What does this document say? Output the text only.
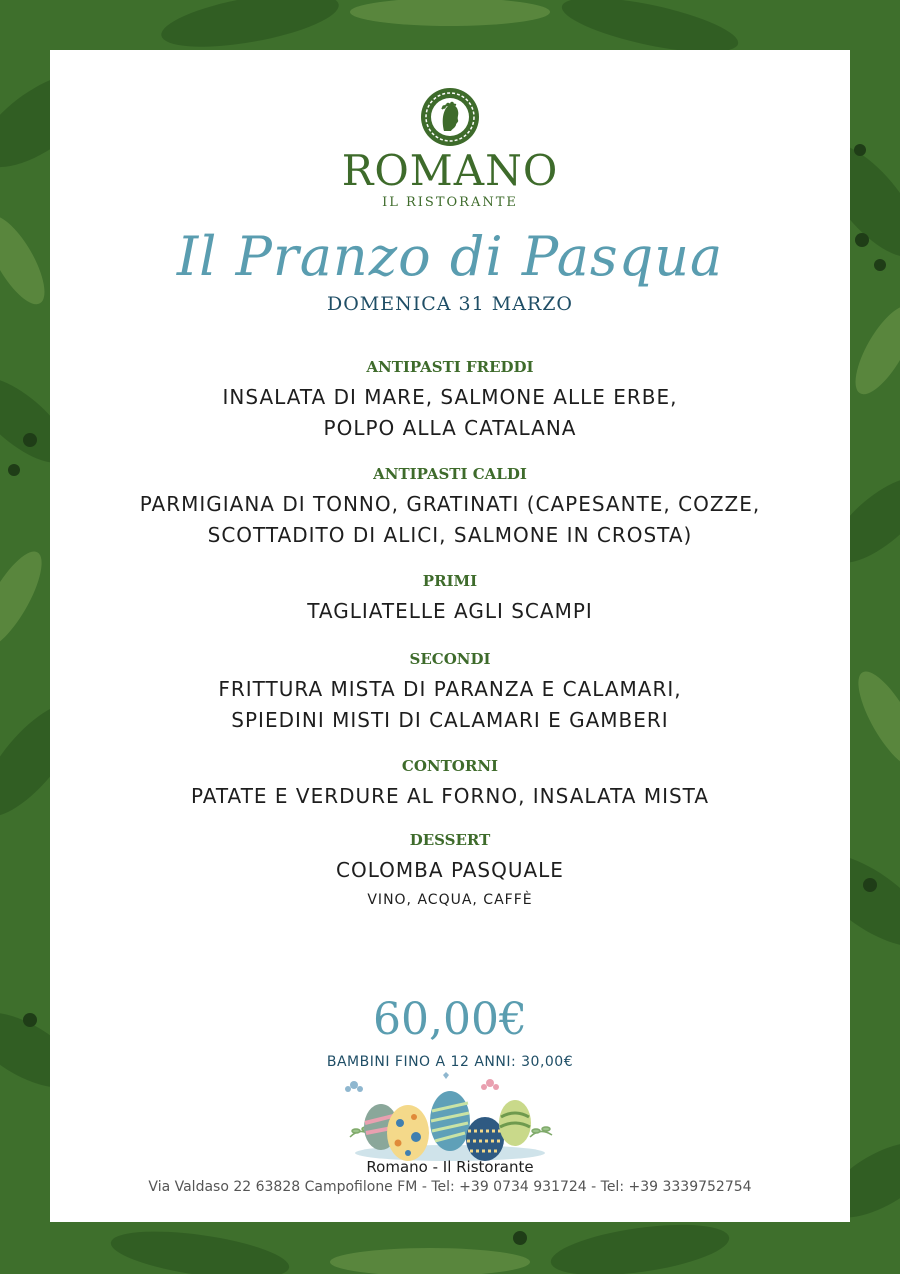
ROMANO
IL RISTORANTE
Il Pranzo di Pasqua
DOMENICA 31 MARZO
ANTIPASTI FREDDI
INSALATA DI MARE, SALMONE ALLE ERBE,
POLPO ALLA CATALANA
ANTIPASTI CALDI
PARMIGIANA DI TONNO, GRATINATI (CAPESANTE, COZZE,
SCOTTADITO DI ALICI, SALMONE IN CROSTA)
PRIMI
TAGLIATELLE AGLI SCAMPI
SECONDI
FRITTURA MISTA DI PARANZA E CALAMARI,
SPIEDINI MISTI DI CALAMARI E GAMBERI
CONTORNI
PATATE E VERDURE AL FORNO, INSALATA MISTA
DESSERT
COLOMBA PASQUALE
VINO, ACQUA, CAFFÈ
60,00€
BAMBINI FINO A 12 ANNI: 30,00€
Romano - Il Ristorante
Via Valdaso 22 63828 Campofilone FM - Tel: +39 0734 931724 - Tel: +39 3339752754
